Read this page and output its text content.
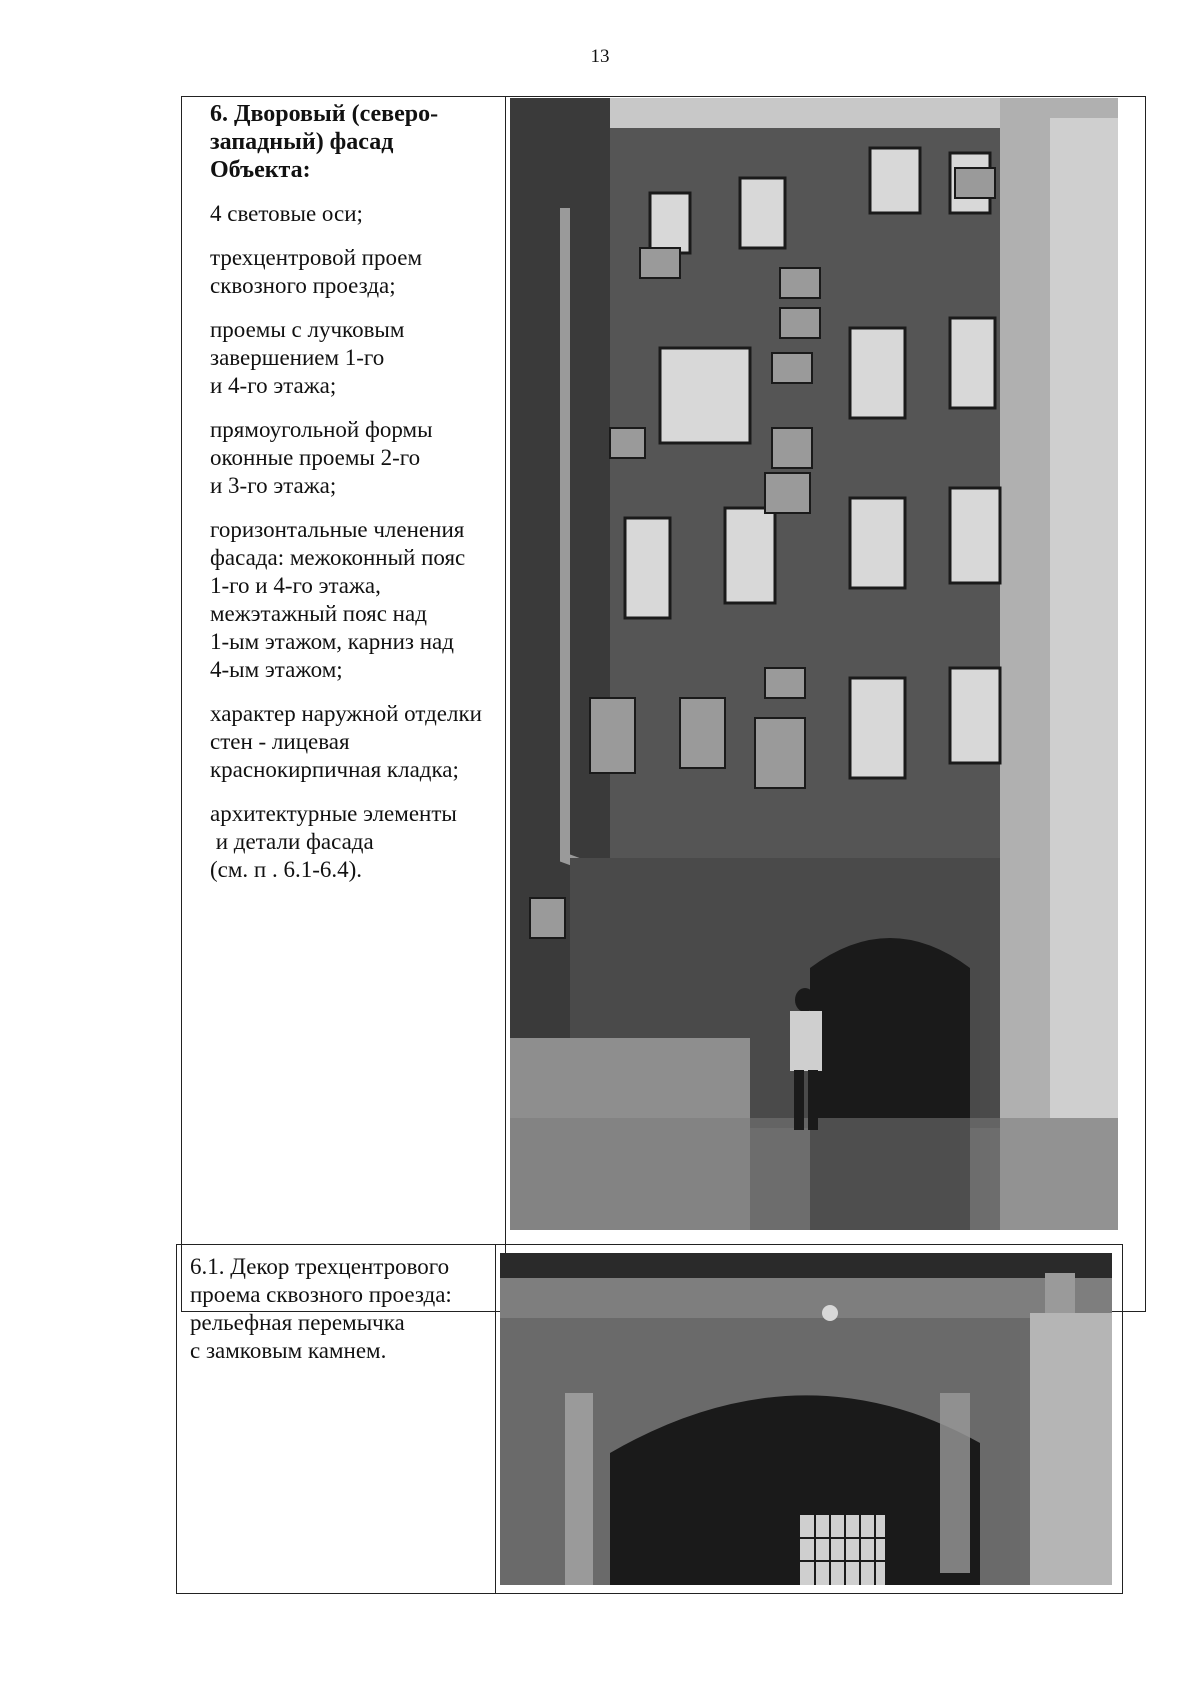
13
6. Дворовый (северо-
западный) фасад
Объекта:
4 световые оси;
трехцентровой проем
сквозного проезда;
проемы с лучковым
завершением 1-го
и 4-го этажа;
прямоугольной формы
оконные проемы 2-го
и 3-го этажа;
горизонтальные членения
фасада: межоконный пояс
1-го и 4-го этажа,
межэтажный пояс над
1-ым этажом, карниз над
4-ым этажом;
характер наружной отделки
стен - лицевая
краснокирпичная кладка;
архитектурные элементы
и детали фасада
(см. п . 6.1-6.4).
6.1. Декор трехцентрового
проема сквозного проезда:
рельефная перемычка
с замковым камнем.
